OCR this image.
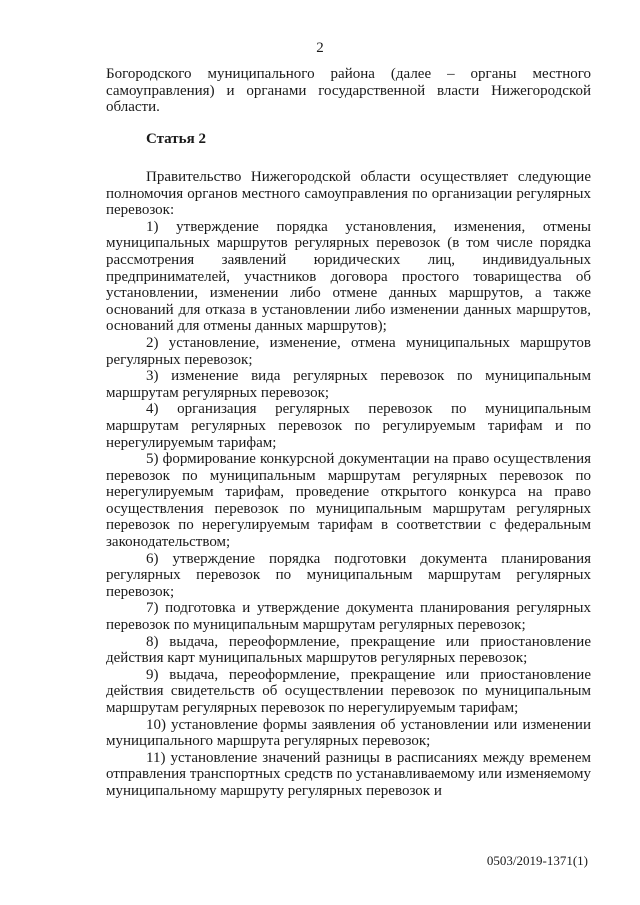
2

Богородского муниципального района (далее – органы местного самоуправления) и органами государственной власти Нижегородской области.

Статья 2

Правительство Нижегородской области осуществляет следующие полномочия органов местного самоуправления по организации регулярных перевозок:

1) утверждение порядка установления, изменения, отмены муниципальных маршрутов регулярных перевозок (в том числе порядка рассмотрения заявлений юридических лиц, индивидуальных предпринимателей, участников договора простого товарищества об установлении, изменении либо отмене данных маршрутов, а также оснований для отказа в установлении либо изменении данных маршрутов, оснований для отмены данных маршрутов);

2) установление, изменение, отмена муниципальных маршрутов регулярных перевозок;

3) изменение вида регулярных перевозок по муниципальным маршрутам регулярных перевозок;

4) организация регулярных перевозок по муниципальным маршрутам регулярных перевозок по регулируемым тарифам и по нерегулируемым тарифам;

5) формирование конкурсной документации на право осуществления перевозок по муниципальным маршрутам регулярных перевозок по нерегулируемым тарифам, проведение открытого конкурса на право осуществления перевозок по муниципальным маршрутам регулярных перевозок по нерегулируемым тарифам в соответствии с федеральным законодательством;

6) утверждение порядка подготовки документа планирования регулярных перевозок по муниципальным маршрутам регулярных перевозок;

7) подготовка и утверждение документа планирования регулярных перевозок по муниципальным маршрутам регулярных перевозок;

8) выдача, переоформление, прекращение или приостановление действия карт муниципальных маршрутов регулярных перевозок;

9) выдача, переоформление, прекращение или приостановление действия свидетельств об осуществлении перевозок по муниципальным маршрутам регулярных перевозок по нерегулируемым тарифам;

10) установление формы заявления об установлении или изменении муниципального маршрута регулярных перевозок;

11) установление значений разницы в расписаниях между временем отправления транспортных средств по устанавливаемому или изменяемому муниципальному маршруту регулярных перевозок и

0503/2019-1371(1)
